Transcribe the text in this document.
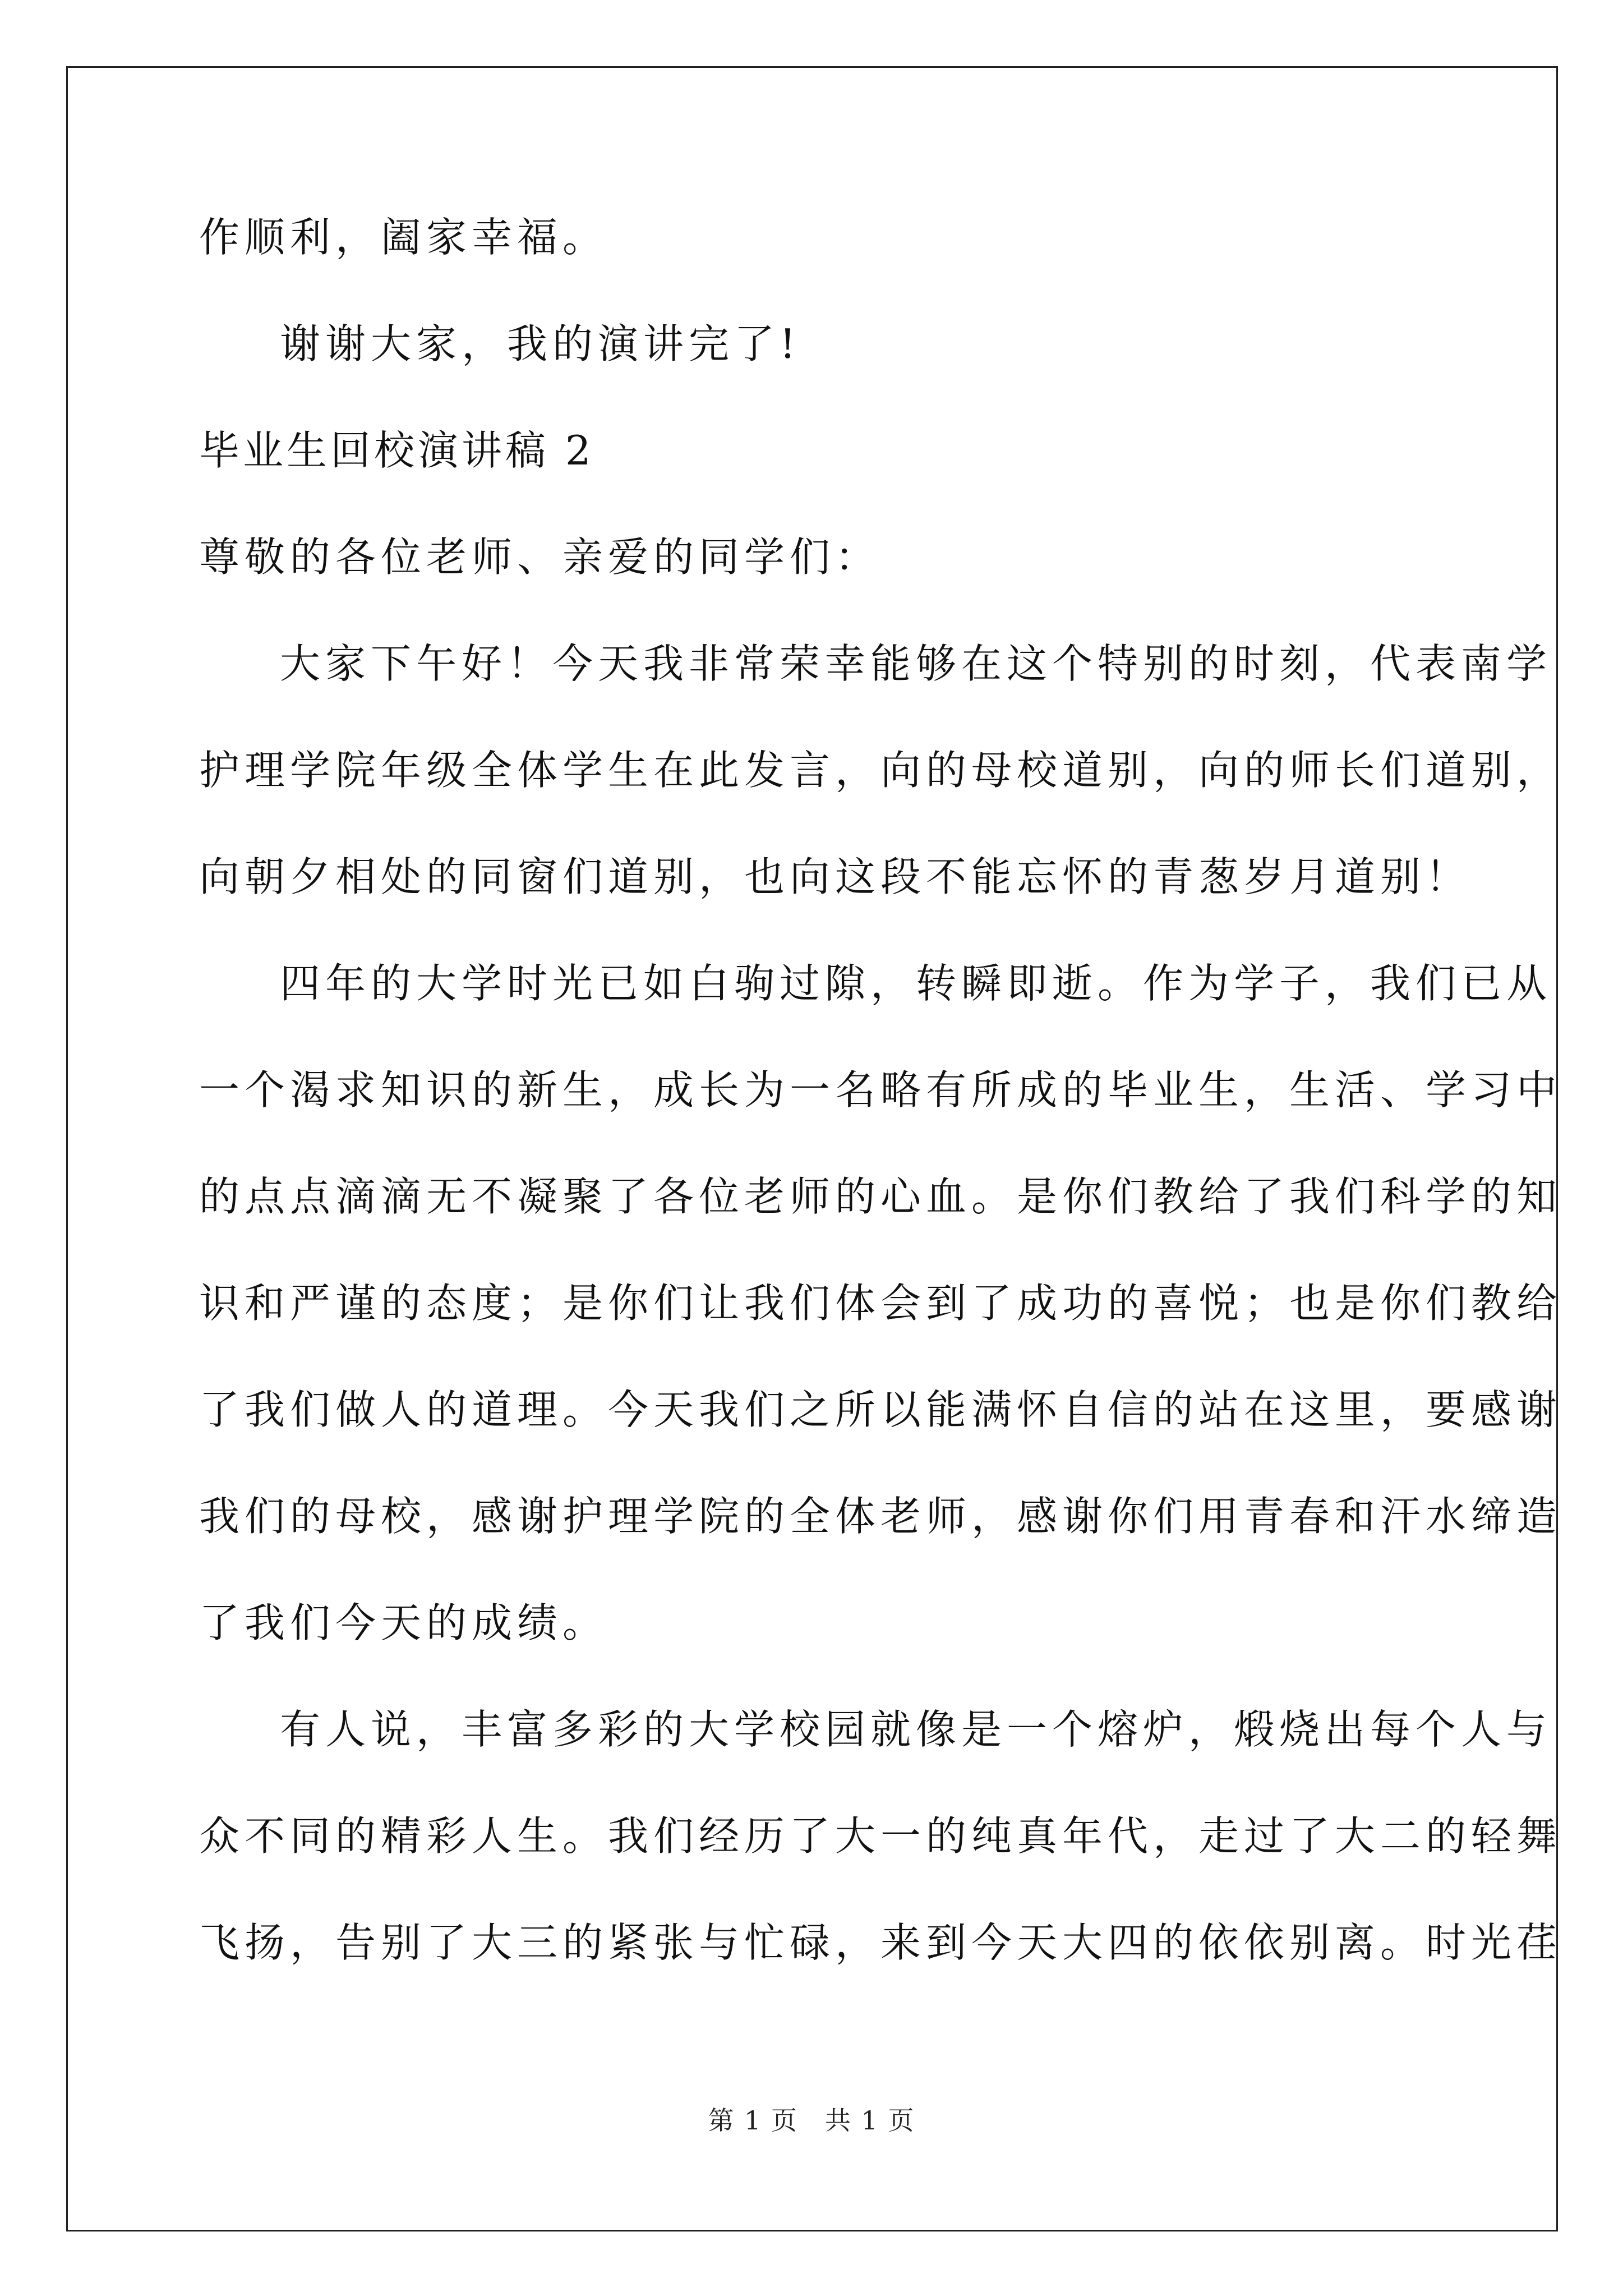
作顺利，阖家幸福。
谢谢大家，我的演讲完了!
毕业生回校演讲稿 2
尊敬的各位老师、亲爱的同学们：
大家下午好！今天我非常荣幸能够在这个特别的时刻，代表南学
护理学院年级全体学生在此发言，向的母校道别，向的师长们道别，
向朝夕相处的同窗们道别，也向这段不能忘怀的青葱岁月道别！
四年的大学时光已如白驹过隙，转瞬即逝。作为学子，我们已从
一个渴求知识的新生，成长为一名略有所成的毕业生，生活、学习中
的点点滴滴无不凝聚了各位老师的心血。是你们教给了我们科学的知
识和严谨的态度；是你们让我们体会到了成功的喜悦；也是你们教给
了我们做人的道理。今天我们之所以能满怀自信的站在这里，要感谢
我们的母校，感谢护理学院的全体老师，感谢你们用青春和汗水缔造
了我们今天的成绩。
有人说，丰富多彩的大学校园就像是一个熔炉，煅烧出每个人与
众不同的精彩人生。我们经历了大一的纯真年代，走过了大二的轻舞
飞扬，告别了大三的紧张与忙碌，来到今天大四的依依别离。时光荏
第 1 页　共 1 页
